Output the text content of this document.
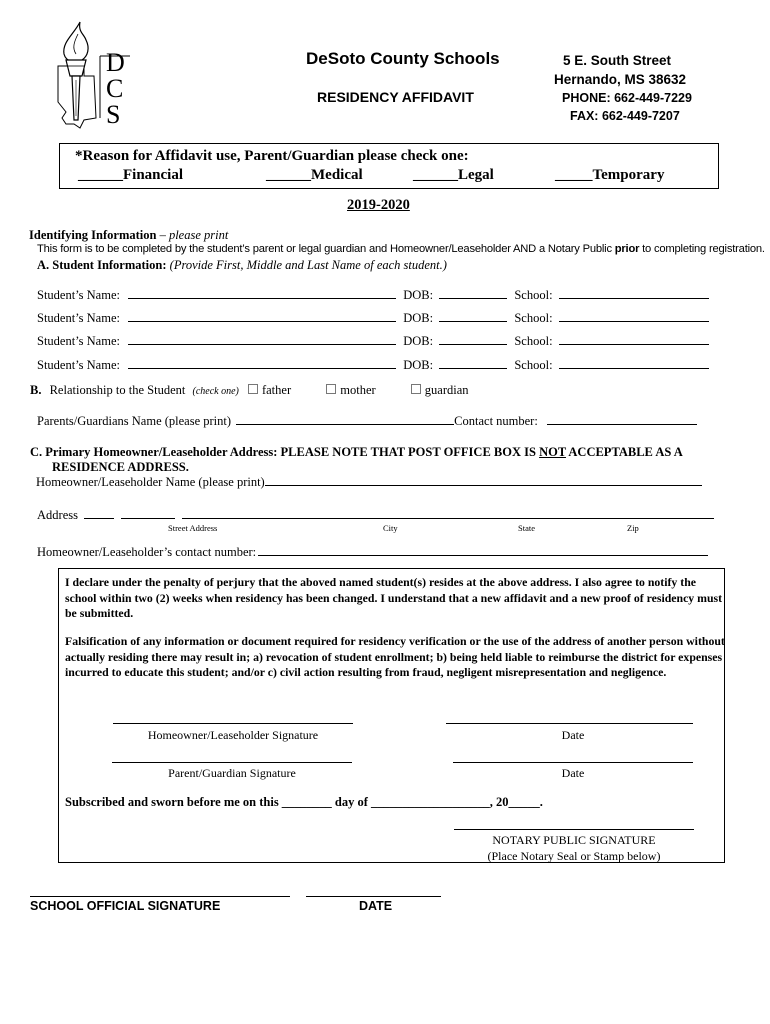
D
C
S
DeSoto County Schools
RESIDENCY AFFIDAVIT
5 E. South Street
Hernando, MS 38632
PHONE: 662-449-7229
FAX: 662-449-7207
*Reason for Affidavit use, Parent/Guardian please check one:
______Financial	______Medical	______Legal	_____Temporary
2019-2020
Identifying Information – please print
This form is to be completed by the student’s parent or legal guardian and Homeowner/Leaseholder AND a Notary Public prior to completing registration.
A. Student Information: (Provide First, Middle and Last Name of each student.)
Student’s Name:	DOB:	School:
Student’s Name:	DOB:	School:
Student’s Name:	DOB:	School:
Student’s Name:	DOB:	School:
B. Relationship to the Student (check one) father	mother	guardian
Parents/Guardians Name (please print)	Contact number:
C. Primary Homeowner/Leaseholder Address: PLEASE NOTE THAT POST OFFICE BOX IS NOT ACCEPTABLE AS A
RESIDENCE ADDRESS.
Homeowner/Leaseholder Name (please print)
Address
Street Address	City	State	Zip
Homeowner/Leaseholder’s contact number:
I declare under the penalty of perjury that the aboved named student(s) resides at the above address. I also agree to notify the school within two (2) weeks when residency has been changed. I understand that a new affidavit and a new proof of residency must be submitted.
Falsification of any information or document required for residency verification or the use of the address of another person without actually residing there may result in; a) revocation of student enrollment; b) being held liable to reimburse the district for expenses incurred to educate this student; and/or c) civil action resulting from fraud, negligent misrepresentation and negligence.
Homeowner/Leaseholder Signature	Date
Parent/Guardian Signature	Date
Subscribed and sworn before me on this ________ day of ___________________, 20_____.
NOTARY PUBLIC SIGNATURE
(Place Notary Seal or Stamp below)
SCHOOL OFFICIAL SIGNATURE	DATE
